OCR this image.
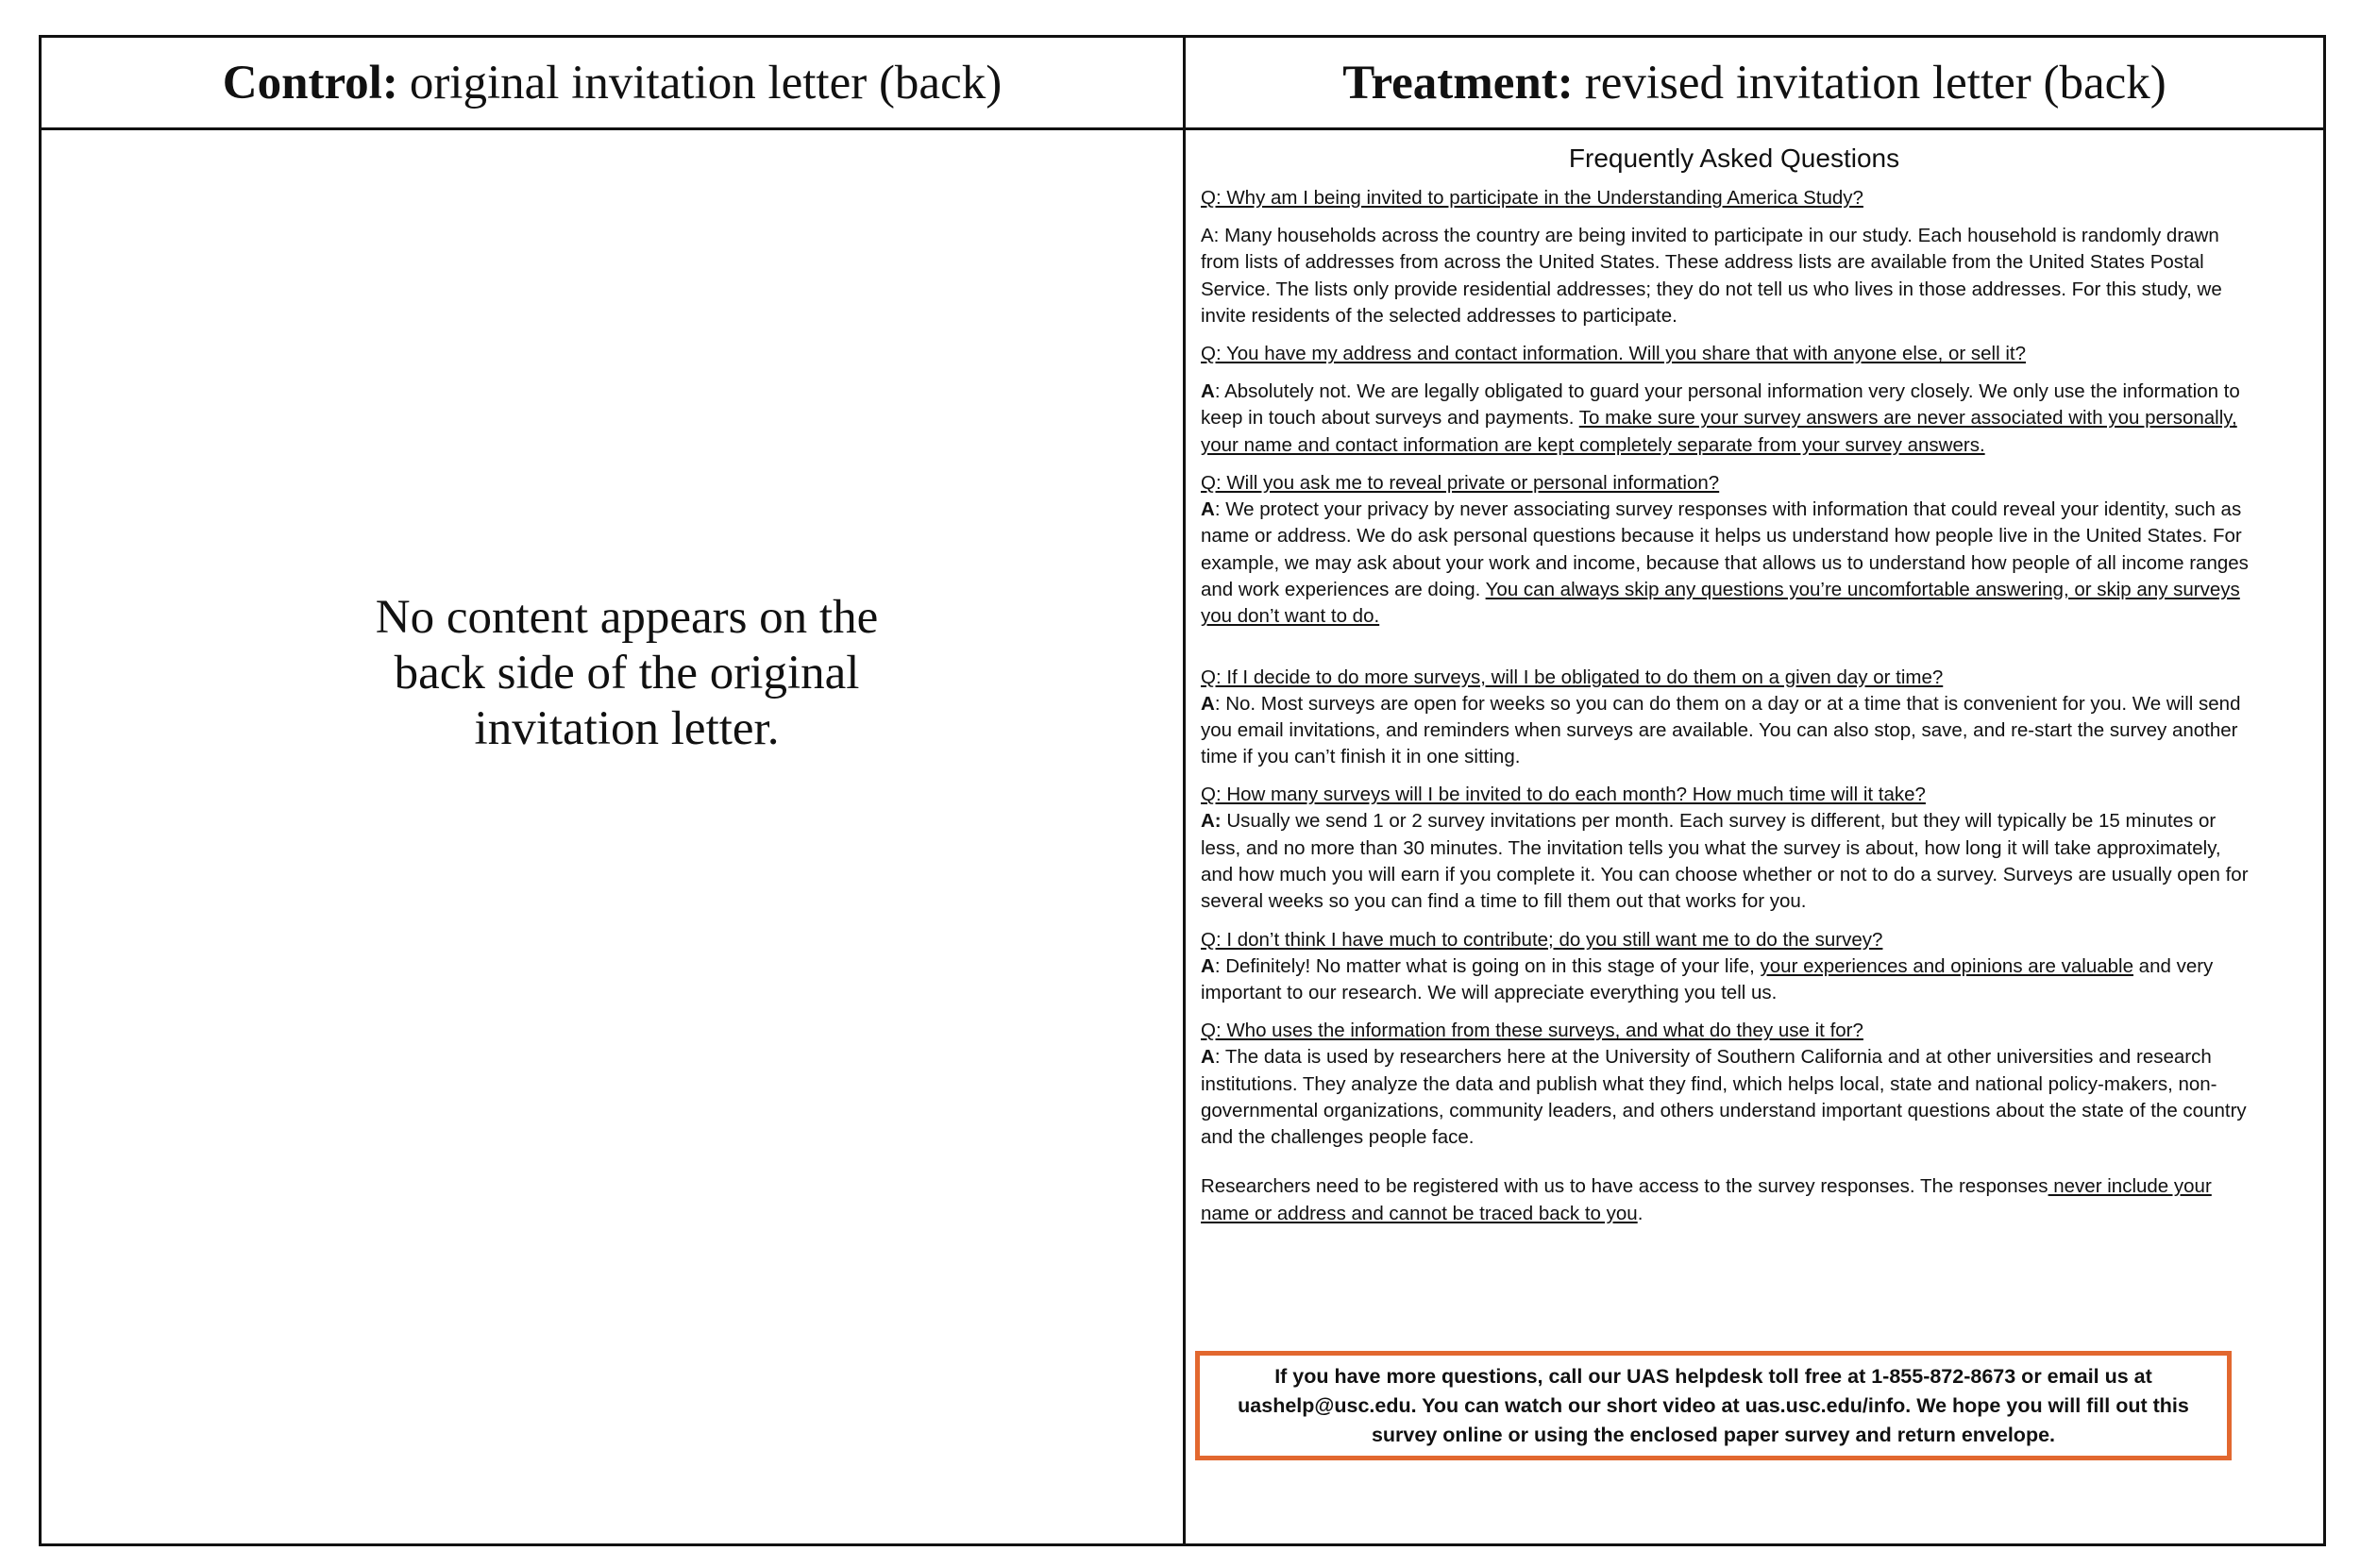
Control: original invitation letter (back)	Treatment: revised invitation letter (back)
No content appears on the back side of the original invitation letter.
Frequently Asked Questions

Q: Why am I being invited to participate in the Understanding America Study?

A: Many households across the country are being invited to participate in our study. Each household is randomly drawn from lists of addresses from across the United States. These address lists are available from the United States Postal Service. The lists only provide residential addresses; they do not tell us who lives in those addresses. For this study, we invite residents of the selected addresses to participate.

Q: You have my address and contact information. Will you share that with anyone else, or sell it?

A: Absolutely not. We are legally obligated to guard your personal information very closely. We only use the information to keep in touch about surveys and payments. To make sure your survey answers are never associated with you personally, your name and contact information are kept completely separate from your survey answers.

Q: Will you ask me to reveal private or personal information?

A: We protect your privacy by never associating survey responses with information that could reveal your identity, such as name or address. We do ask personal questions because it helps us understand how people live in the United States. For example, we may ask about your work and income, because that allows us to understand how people of all income ranges and work experiences are doing. You can always skip any questions you’re uncomfortable answering, or skip any surveys you don’t want to do.

Q: If I decide to do more surveys, will I be obligated to do them on a given day or time?

A: No. Most surveys are open for weeks so you can do them on a day or at a time that is convenient for you. We will send you email invitations, and reminders when surveys are available. You can also stop, save, and re-start the survey another time if you can’t finish it in one sitting.

Q: How many surveys will I be invited to do each month? How much time will it take?

A: Usually we send 1 or 2 survey invitations per month. Each survey is different, but they will typically be 15 minutes or less, and no more than 30 minutes. The invitation tells you what the survey is about, how long it will take approximately, and how much you will earn if you complete it. You can choose whether or not to do a survey. Surveys are usually open for several weeks so you can find a time to fill them out that works for you.

Q: I don’t think I have much to contribute; do you still want me to do the survey?

A: Definitely! No matter what is going on in this stage of your life, your experiences and opinions are valuable and very important to our research. We will appreciate everything you tell us.

Q: Who uses the information from these surveys, and what do they use it for?

A: The data is used by researchers here at the University of Southern California and at other universities and research institutions. They analyze the data and publish what they find, which helps local, state and national policy-makers, non-governmental organizations, community leaders, and others understand important questions about the state of the country and the challenges people face.

Researchers need to be registered with us to have access to the survey responses. The responses never include your name or address and cannot be traced back to you.

If you have more questions, call our UAS helpdesk toll free at 1-855-872-8673 or email us at uashelp@usc.edu. You can watch our short video at uas.usc.edu/info. We hope you will fill out this survey online or using the enclosed paper survey and return envelope.
